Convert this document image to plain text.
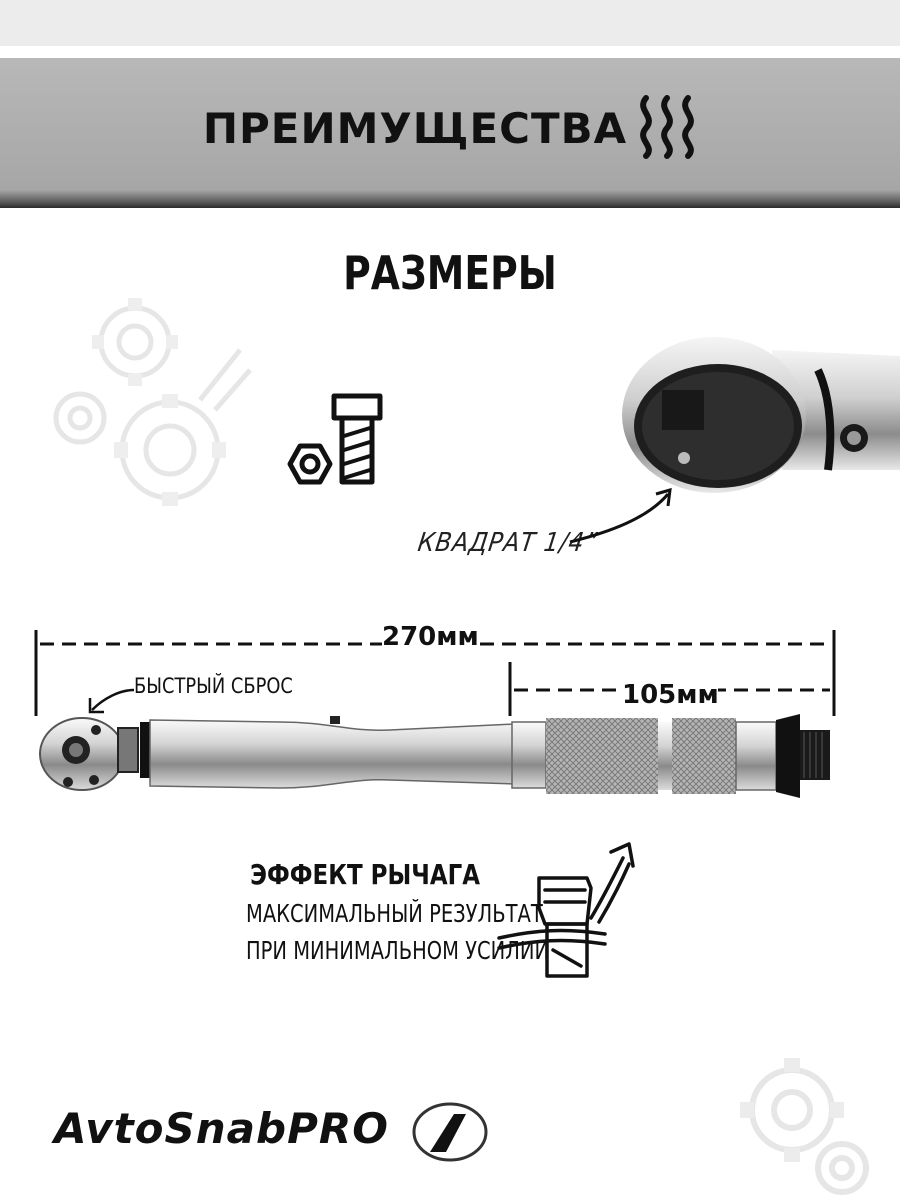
ПРЕИМУЩЕСТВА
РАЗМЕРЫ
КВАДРАТ 1/4”
270мм
105мм
БЫСТРЫЙ СБРОС
ЭФФЕКТ РЫЧАГА
МАКСИМАЛЬНЫЙ РЕЗУЛЬТАТ
ПРИ МИНИМАЛЬНОМ УСИЛИИ
AvtoSnabPRO
